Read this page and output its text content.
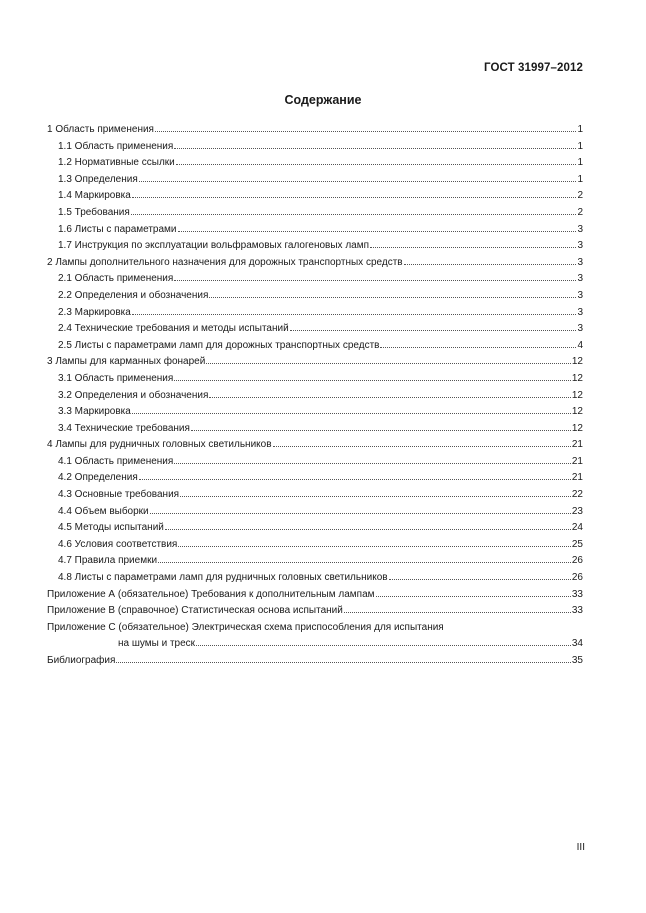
ГОСТ 31997–2012
Содержание
1 Область применения	1
1.1 Область применения	1
1.2 Нормативные ссылки	1
1.3 Определения	1
1.4 Маркировка	2
1.5 Требования	2
1.6 Листы с параметрами	3
1.7 Инструкция по эксплуатации вольфрамовых галогеновых ламп	3
2 Лампы дополнительного назначения для дорожных транспортных средств	3
2.1 Область применения	3
2.2 Определения и обозначения	3
2.3 Маркировка	3
2.4 Технические требования и методы испытаний	3
2.5 Листы с параметрами ламп для дорожных транспортных средств	4
3 Лампы для карманных фонарей	12
3.1 Область применения	12
3.2 Определения и обозначения	12
3.3 Маркировка	12
3.4 Технические требования	12
4 Лампы для рудничных головных светильников	21
4.1 Область применения	21
4.2 Определения	21
4.3 Основные требования	22
4.4 Объем выборки	23
4.5 Методы испытаний	24
4.6 Условия соответствия	25
4.7 Правила приемки	26
4.8 Листы с параметрами ламп для рудничных головных светильников	26
Приложение А (обязательное) Требования к дополнительным лампам	33
Приложение В (справочное) Статистическая основа испытаний	33
Приложение С (обязательное) Электрическая схема приспособления для испытания
на шумы и треск	34
Библиография	35
III
